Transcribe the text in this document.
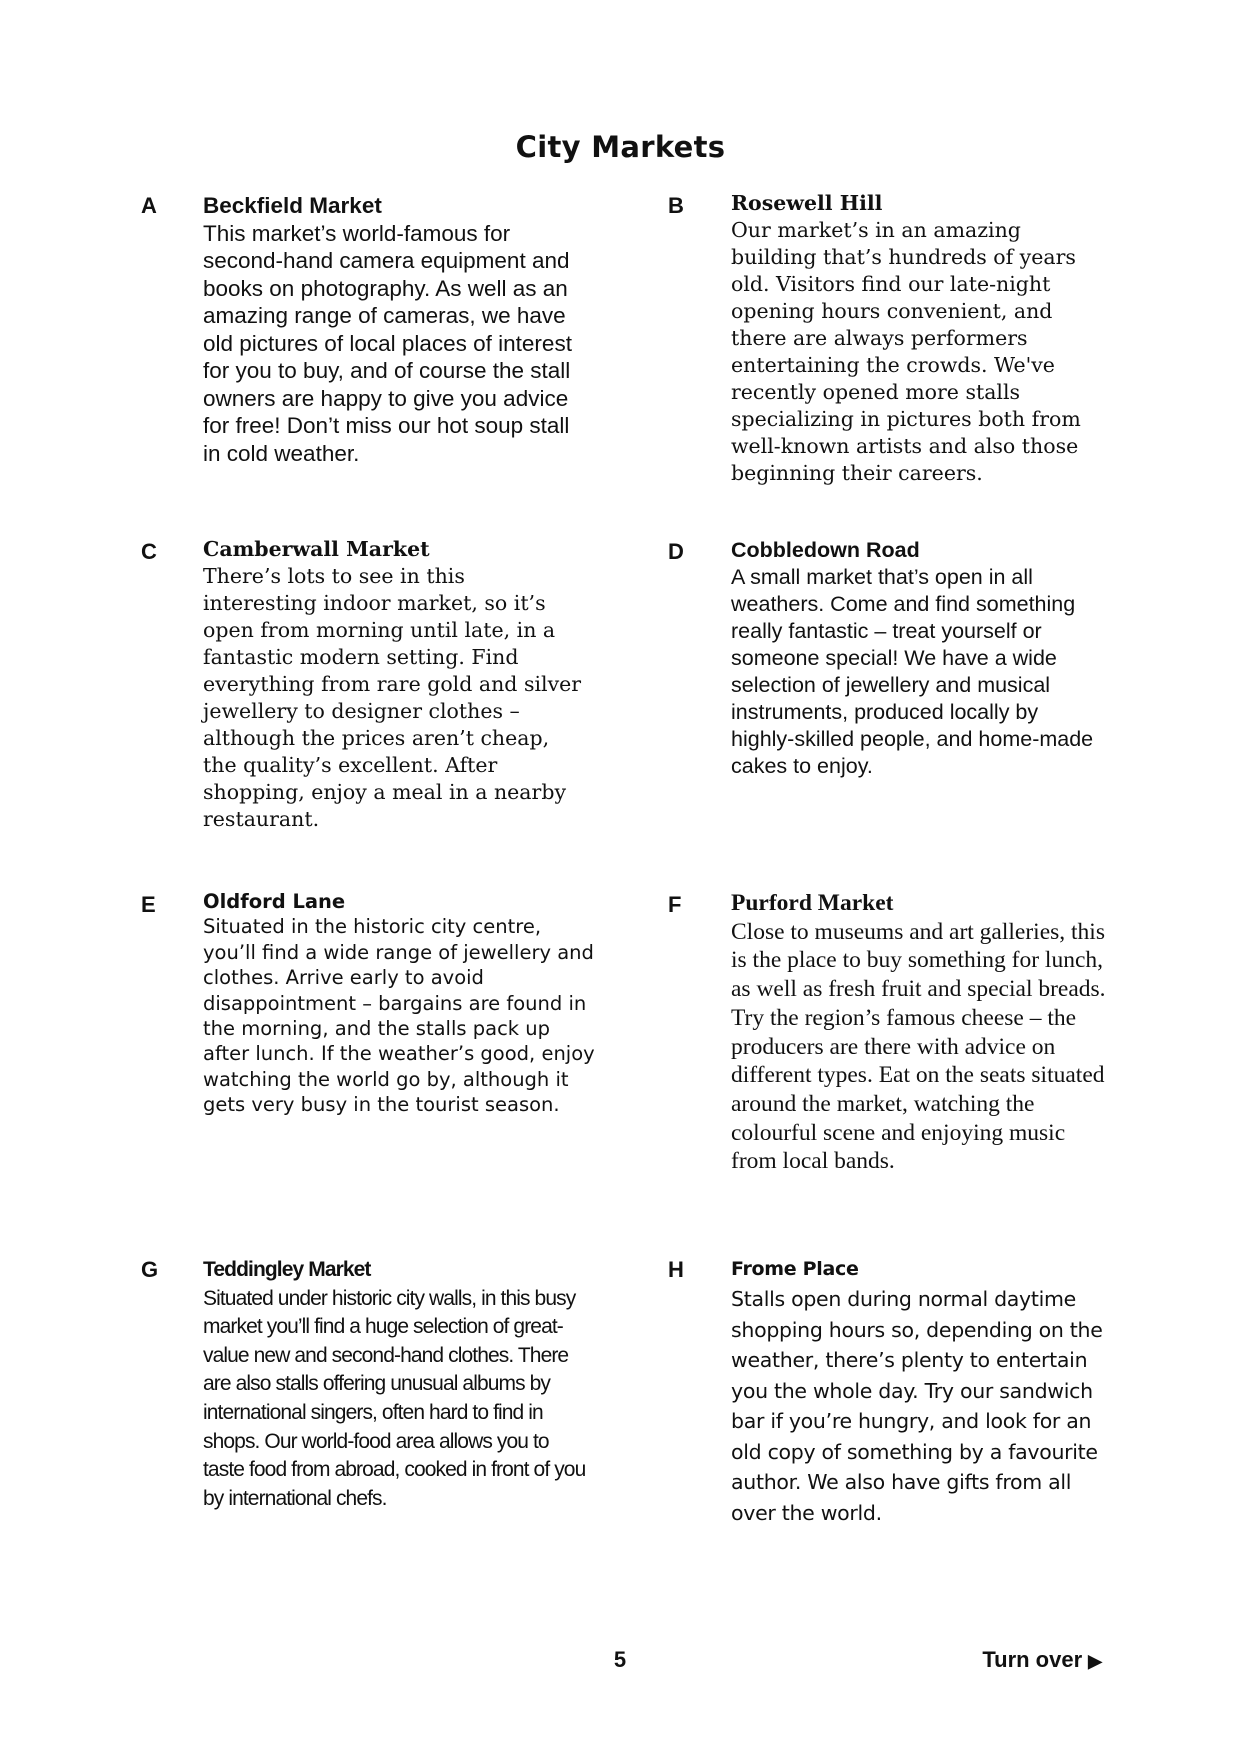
City Markets
A Beckfield Market

This market’s world-famous for second-hand camera equipment and books on photography. As well as an amazing range of cameras, we have old pictures of local places of interest for you to buy, and of course the stall owners are happy to give you advice for free! Don’t miss our hot soup stall in cold weather.

B Rosewell Hill

Our market’s in an amazing building that’s hundreds of years old. Visitors find our late-night opening hours convenient, and there are always performers entertaining the crowds. We've recently opened more stalls specializing in pictures both from well-known artists and also those beginning their careers.

C Camberwall Market

There’s lots to see in this interesting indoor market, so it’s open from morning until late, in a fantastic modern setting. Find everything from rare gold and silver jewellery to designer clothes – although the prices aren’t cheap, the quality’s excellent. After shopping, enjoy a meal in a nearby restaurant.

D Cobbledown Road

A small market that’s open in all weathers. Come and find something really fantastic – treat yourself or someone special! We have a wide selection of jewellery and musical instruments, produced locally by highly-skilled people, and home-made cakes to enjoy.

E Oldford Lane

Situated in the historic city centre, you’ll find a wide range of jewellery and clothes. Arrive early to avoid disappointment – bargains are found in the morning, and the stalls pack up after lunch. If the weather’s good, enjoy watching the world go by, although it gets very busy in the tourist season.

F Purford Market

Close to museums and art galleries, this is the place to buy something for lunch, as well as fresh fruit and special breads. Try the region’s famous cheese – the producers are there with advice on different types. Eat on the seats situated around the market, watching the colourful scene and enjoying music from local bands.

G Teddingley Market

Situated under historic city walls, in this busy market you’ll find a huge selection of great-value new and second-hand clothes. There are also stalls offering unusual albums by international singers, often hard to find in shops. Our world-food area allows you to taste food from abroad, cooked in front of you by international chefs.

H Frome Place

Stalls open during normal daytime shopping hours so, depending on the weather, there’s plenty to entertain you the whole day. Try our sandwich bar if you’re hungry, and look for an old copy of something by a favourite author. We also have gifts from all over the world.

5	Turn over ▶
